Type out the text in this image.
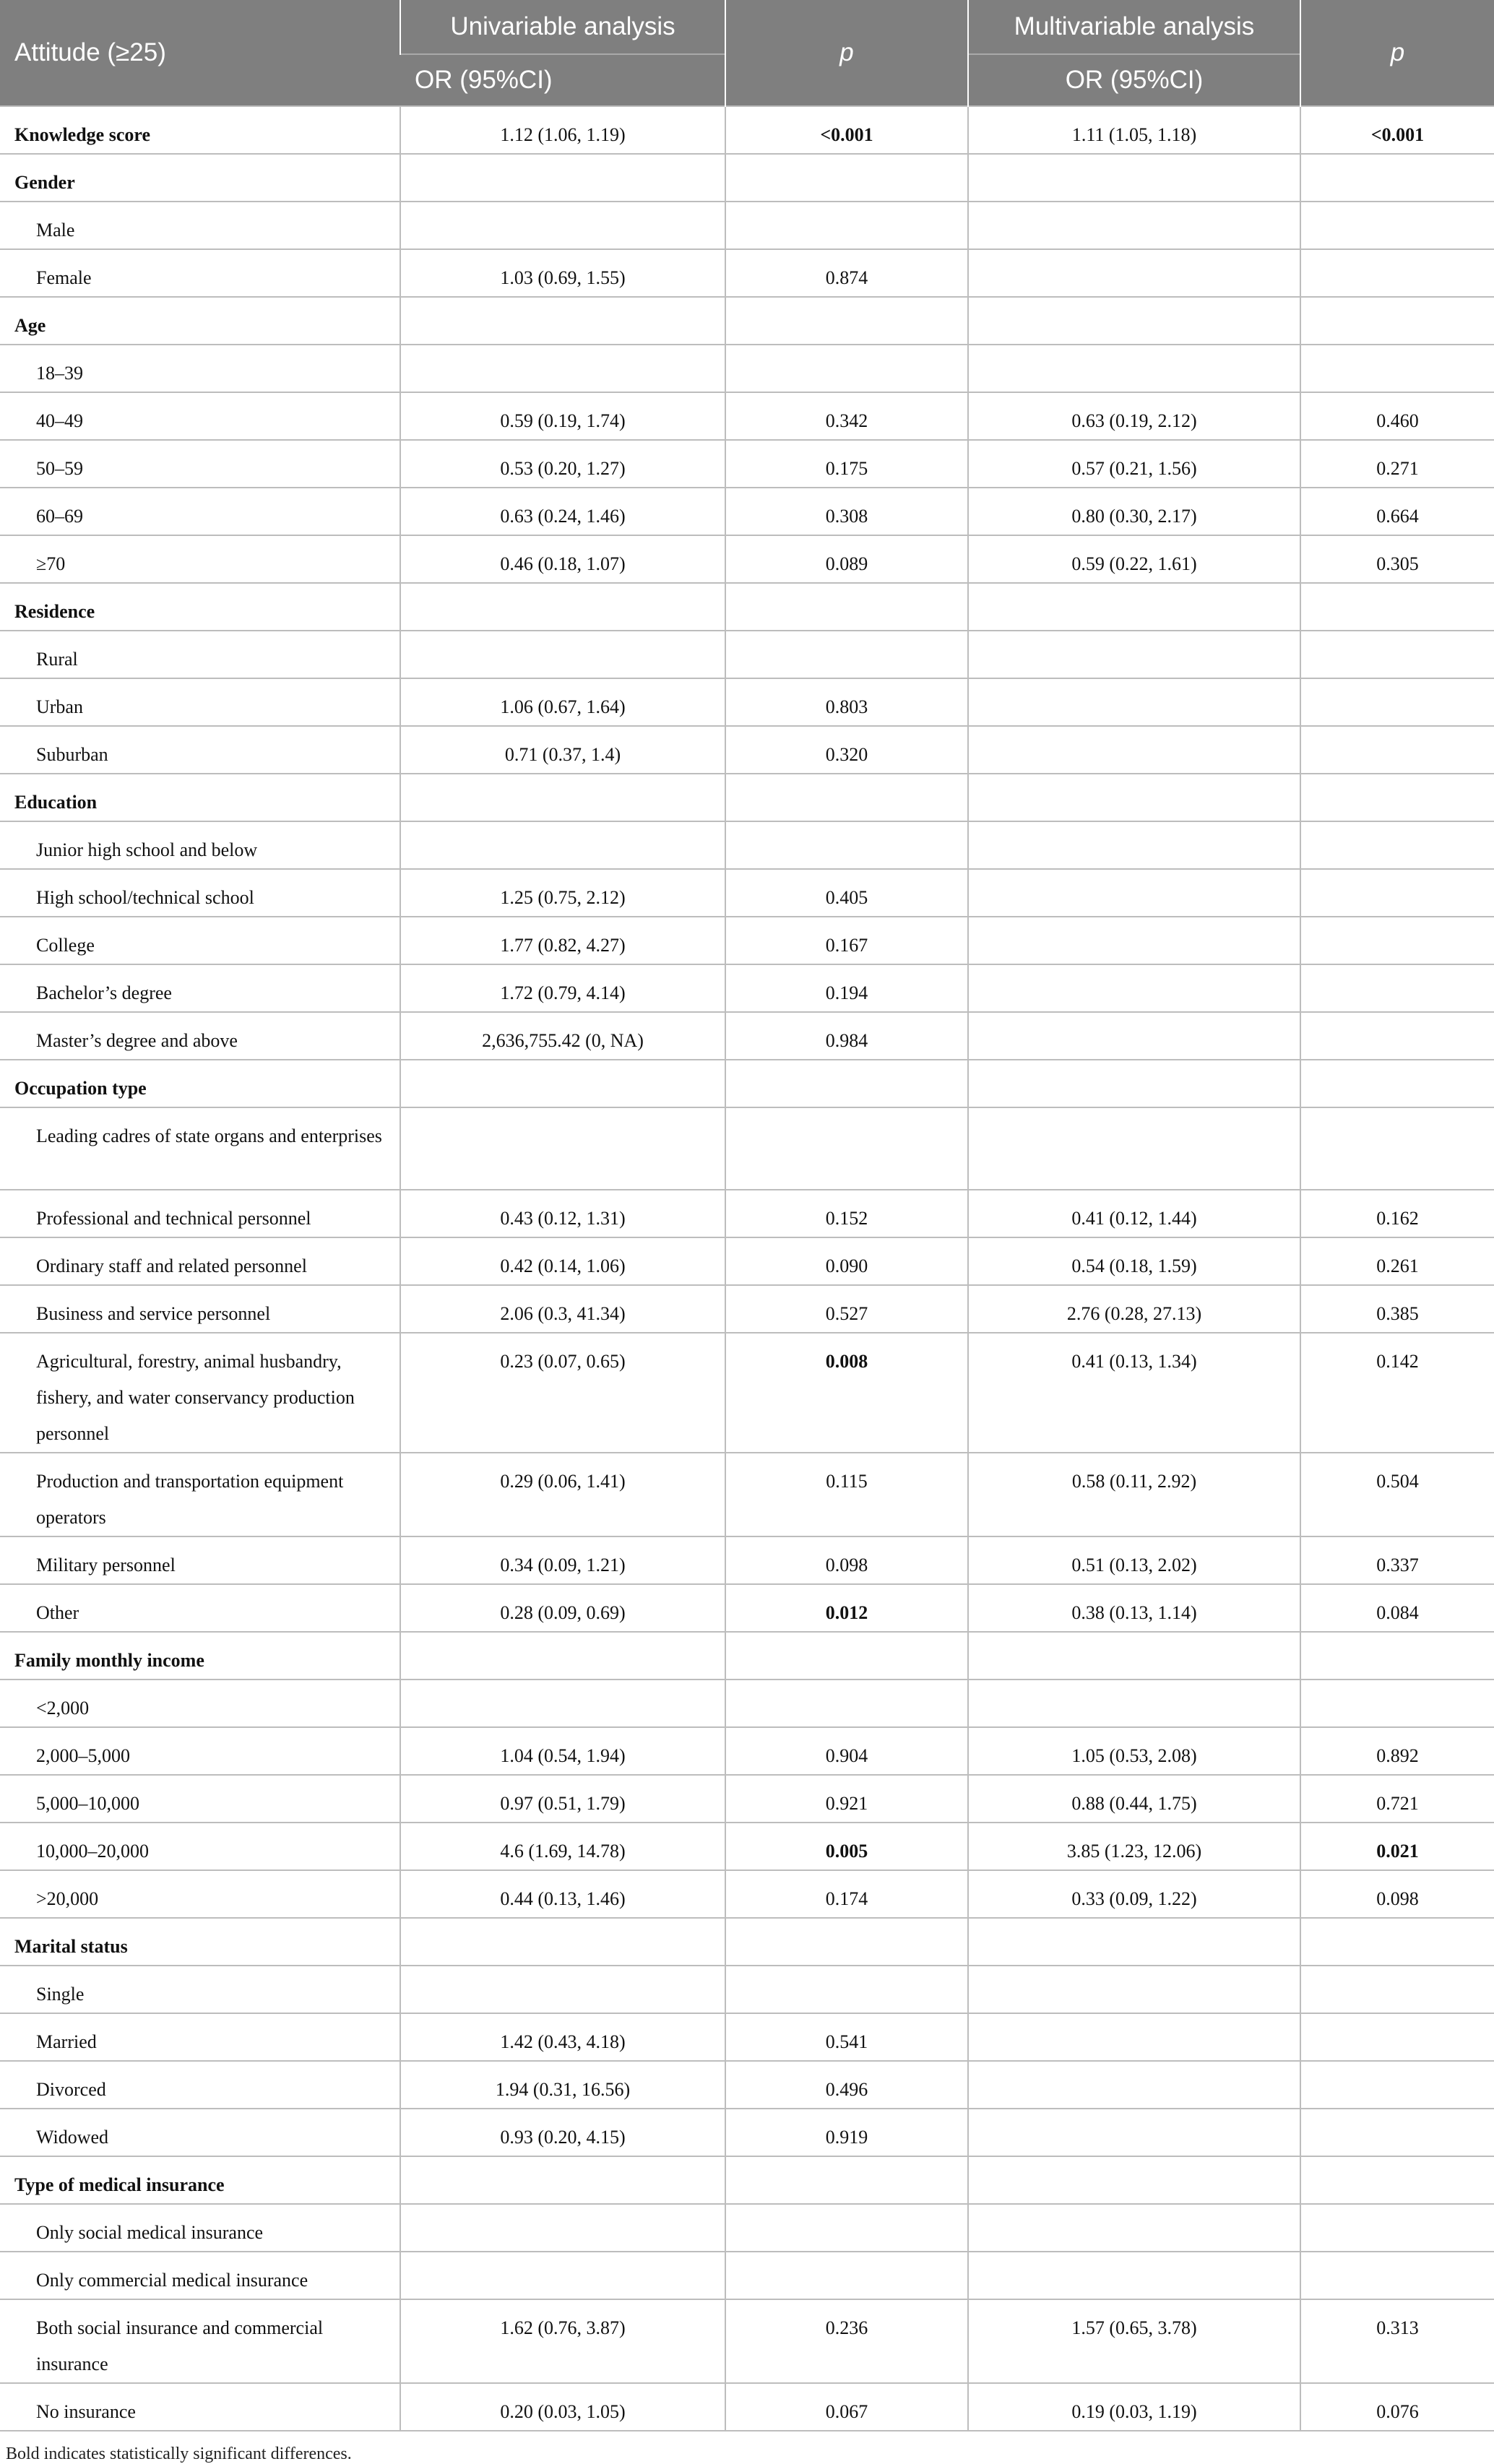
Attitude (≥25)	Univariable analysis	p	Multivariable analysis	p
	OR (95%CI)		OR (95%CI)	
Knowledge score	1.12 (1.06, 1.19)	<0.001	1.11 (1.05, 1.18)	<0.001
Gender				
Male				
Female	1.03 (0.69, 1.55)	0.874		
Age				
18–39				
40–49	0.59 (0.19, 1.74)	0.342	0.63 (0.19, 2.12)	0.460
50–59	0.53 (0.20, 1.27)	0.175	0.57 (0.21, 1.56)	0.271
60–69	0.63 (0.24, 1.46)	0.308	0.80 (0.30, 2.17)	0.664
≥70	0.46 (0.18, 1.07)	0.089	0.59 (0.22, 1.61)	0.305
Residence				
Rural				
Urban	1.06 (0.67, 1.64)	0.803		
Suburban	0.71 (0.37, 1.4)	0.320		
Education				
Junior high school and below				
High school/technical school	1.25 (0.75, 2.12)	0.405		
College	1.77 (0.82, 4.27)	0.167		
Bachelor’s degree	1.72 (0.79, 4.14)	0.194		
Master’s degree and above	2,636,755.42 (0, NA)	0.984		
Occupation type				
Leading cadres of state organs and enterprises				
Professional and technical personnel	0.43 (0.12, 1.31)	0.152	0.41 (0.12, 1.44)	0.162
Ordinary staff and related personnel	0.42 (0.14, 1.06)	0.090	0.54 (0.18, 1.59)	0.261
Business and service personnel	2.06 (0.3, 41.34)	0.527	2.76 (0.28, 27.13)	0.385
Agricultural, forestry, animal husbandry, fishery, and water conservancy production personnel	0.23 (0.07, 0.65)	0.008	0.41 (0.13, 1.34)	0.142
Production and transportation equipment operators	0.29 (0.06, 1.41)	0.115	0.58 (0.11, 2.92)	0.504
Military personnel	0.34 (0.09, 1.21)	0.098	0.51 (0.13, 2.02)	0.337
Other	0.28 (0.09, 0.69)	0.012	0.38 (0.13, 1.14)	0.084
Family monthly income				
<2,000				
2,000–5,000	1.04 (0.54, 1.94)	0.904	1.05 (0.53, 2.08)	0.892
5,000–10,000	0.97 (0.51, 1.79)	0.921	0.88 (0.44, 1.75)	0.721
10,000–20,000	4.6 (1.69, 14.78)	0.005	3.85 (1.23, 12.06)	0.021
>20,000	0.44 (0.13, 1.46)	0.174	0.33 (0.09, 1.22)	0.098
Marital status				
Single				
Married	1.42 (0.43, 4.18)	0.541		
Divorced	1.94 (0.31, 16.56)	0.496		
Widowed	0.93 (0.20, 4.15)	0.919		
Type of medical insurance				
Only social medical insurance				
Only commercial medical insurance				
Both social insurance and commercial insurance	1.62 (0.76, 3.87)	0.236	1.57 (0.65, 3.78)	0.313
No insurance	0.20 (0.03, 1.05)	0.067	0.19 (0.03, 1.19)	0.076
Bold indicates statistically significant differences.
